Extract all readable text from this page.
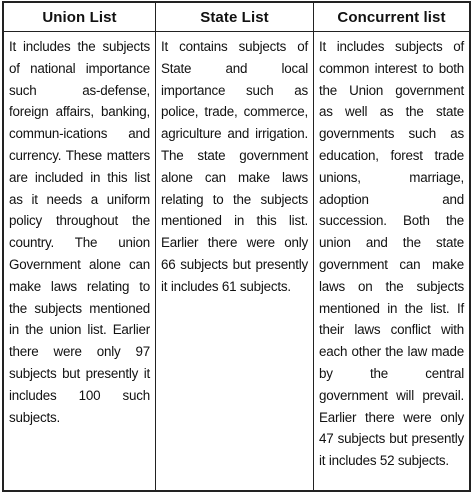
Union List	State List	Concurrent list
It includes the subjects of national importance such as-defense, foreign affairs, banking, commun-ications and currency. These matters are included in this list as it needs a uniform policy throughout the country. The union Government alone can make laws relating to the subjects mentioned in the union list. Earlier there were only 97 subjects but presently it includes 100 such subjects.
It contains subjects of State and local importance such as police, trade, commerce, agriculture and irrigation. The state government alone can make laws relating to the subjects mentioned in this list. Earlier there were only 66 subjects but presently it includes 61 subjects.
It includes subjects of common interest to both the Union government as well as the state governments such as education, forest trade unions, marriage, adoption and succession. Both the union and the state government can make laws on the subjects mentioned in the list. If their laws conflict with each other the law made by the central government will prevail. Earlier there were only 47 subjects but presently it includes 52 subjects.
